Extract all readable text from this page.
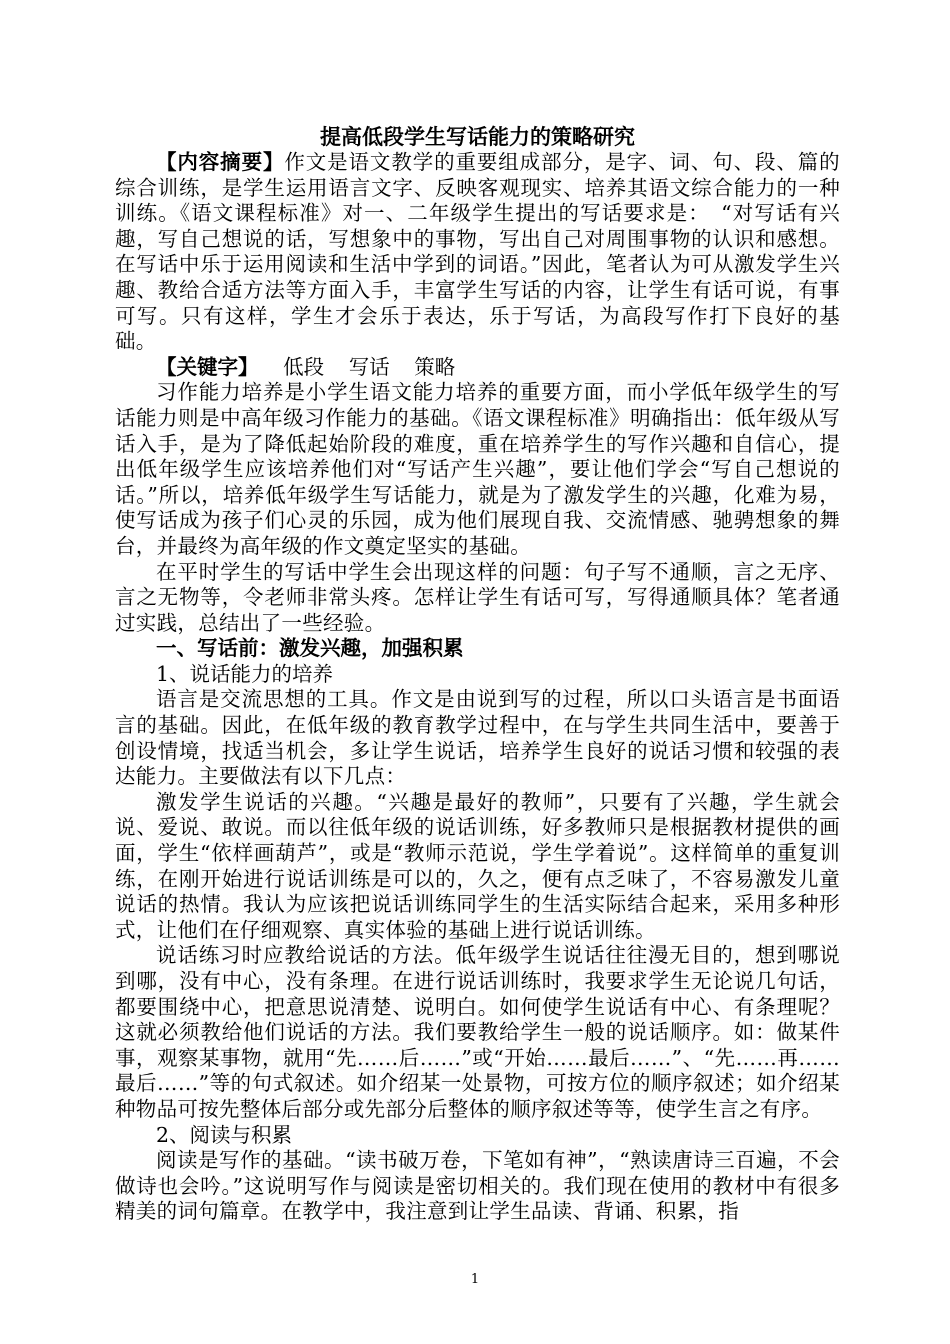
提高低段学生写话能力的策略研究

【内容摘要】作文是语文教学的重要组成部分，是字、词、句、段、篇的综合训练，是学生运用语言文字、反映客观现实、培养其语文综合能力的一种训练。《语文课程标准》对一、二年级学生提出的写话要求是：　“对写话有兴趣，写自己想说的话，写想象中的事物，写出自己对周围事物的认识和感想。在写话中乐于运用阅读和生活中学到的词语。”因此，笔者认为可从激发学生兴趣、教给合适方法等方面入手，丰富学生写话的内容，让学生有话可说，有事可写。只有这样，学生才会乐于表达，乐于写话，为高段写作打下良好的基础。

【关键字】 低段 写话 策略

习作能力培养是小学生语文能力培养的重要方面，而小学低年级学生的写话能力则是中高年级习作能力的基础。《语文课程标准》明确指出：低年级从写话入手，是为了降低起始阶段的难度，重在培养学生的写作兴趣和自信心，提出低年级学生应该培养他们对“写话产生兴趣”，要让他们学会“写自己想说的话。”所以，培养低年级学生写话能力，就是为了激发学生的兴趣，化难为易，使写话成为孩子们心灵的乐园，成为他们展现自我、交流情感、驰骋想象的舞台，并最终为高年级的作文奠定坚实的基础。

在平时学生的写话中学生会出现这样的问题：句子写不通顺，言之无序、言之无物等，令老师非常头疼。怎样让学生有话可写，写得通顺具体？笔者通过实践，总结出了一些经验。

一、写话前：激发兴趣，加强积累

1、说话能力的培养

语言是交流思想的工具。作文是由说到写的过程，所以口头语言是书面语言的基础。因此，在低年级的教育教学过程中，在与学生共同生活中，要善于创设情境，找适当机会，多让学生说话，培养学生良好的说话习惯和较强的表达能力。主要做法有以下几点：

激发学生说话的兴趣。“兴趣是最好的教师”，只要有了兴趣，学生就会说、爱说、敢说。而以往低年级的说话训练，好多教师只是根据教材提供的画面，学生“依样画葫芦”，或是“教师示范说，学生学着说”。这样简单的重复训练，在刚开始进行说话训练是可以的，久之，便有点乏味了，不容易激发儿童说话的热情。我认为应该把说话训练同学生的生活实际结合起来，采用多种形式，让他们在仔细观察、真实体验的基础上进行说话训练。

说话练习时应教给说话的方法。低年级学生说话往往漫无目的，想到哪说到哪，没有中心，没有条理。在进行说话训练时，我要求学生无论说几句话，都要围绕中心，把意思说清楚、说明白。如何使学生说话有中心、有条理呢？这就必须教给他们说话的方法。我们要教给学生一般的说话顺序。如：做某件事，观察某事物，就用“先……后……”或“开始……最后……”、“先……再……最后……”等的句式叙述。如介绍某一处景物，可按方位的顺序叙述；如介绍某种物品可按先整体后部分或先部分后整体的顺序叙述等等，使学生言之有序。

2、阅读与积累

阅读是写作的基础。“读书破万卷，下笔如有神”，“熟读唐诗三百遍，不会做诗也会吟。”这说明写作与阅读是密切相关的。我们现在使用的教材中有很多精美的词句篇章。在教学中，我注意到让学生品读、背诵、积累，指

1
